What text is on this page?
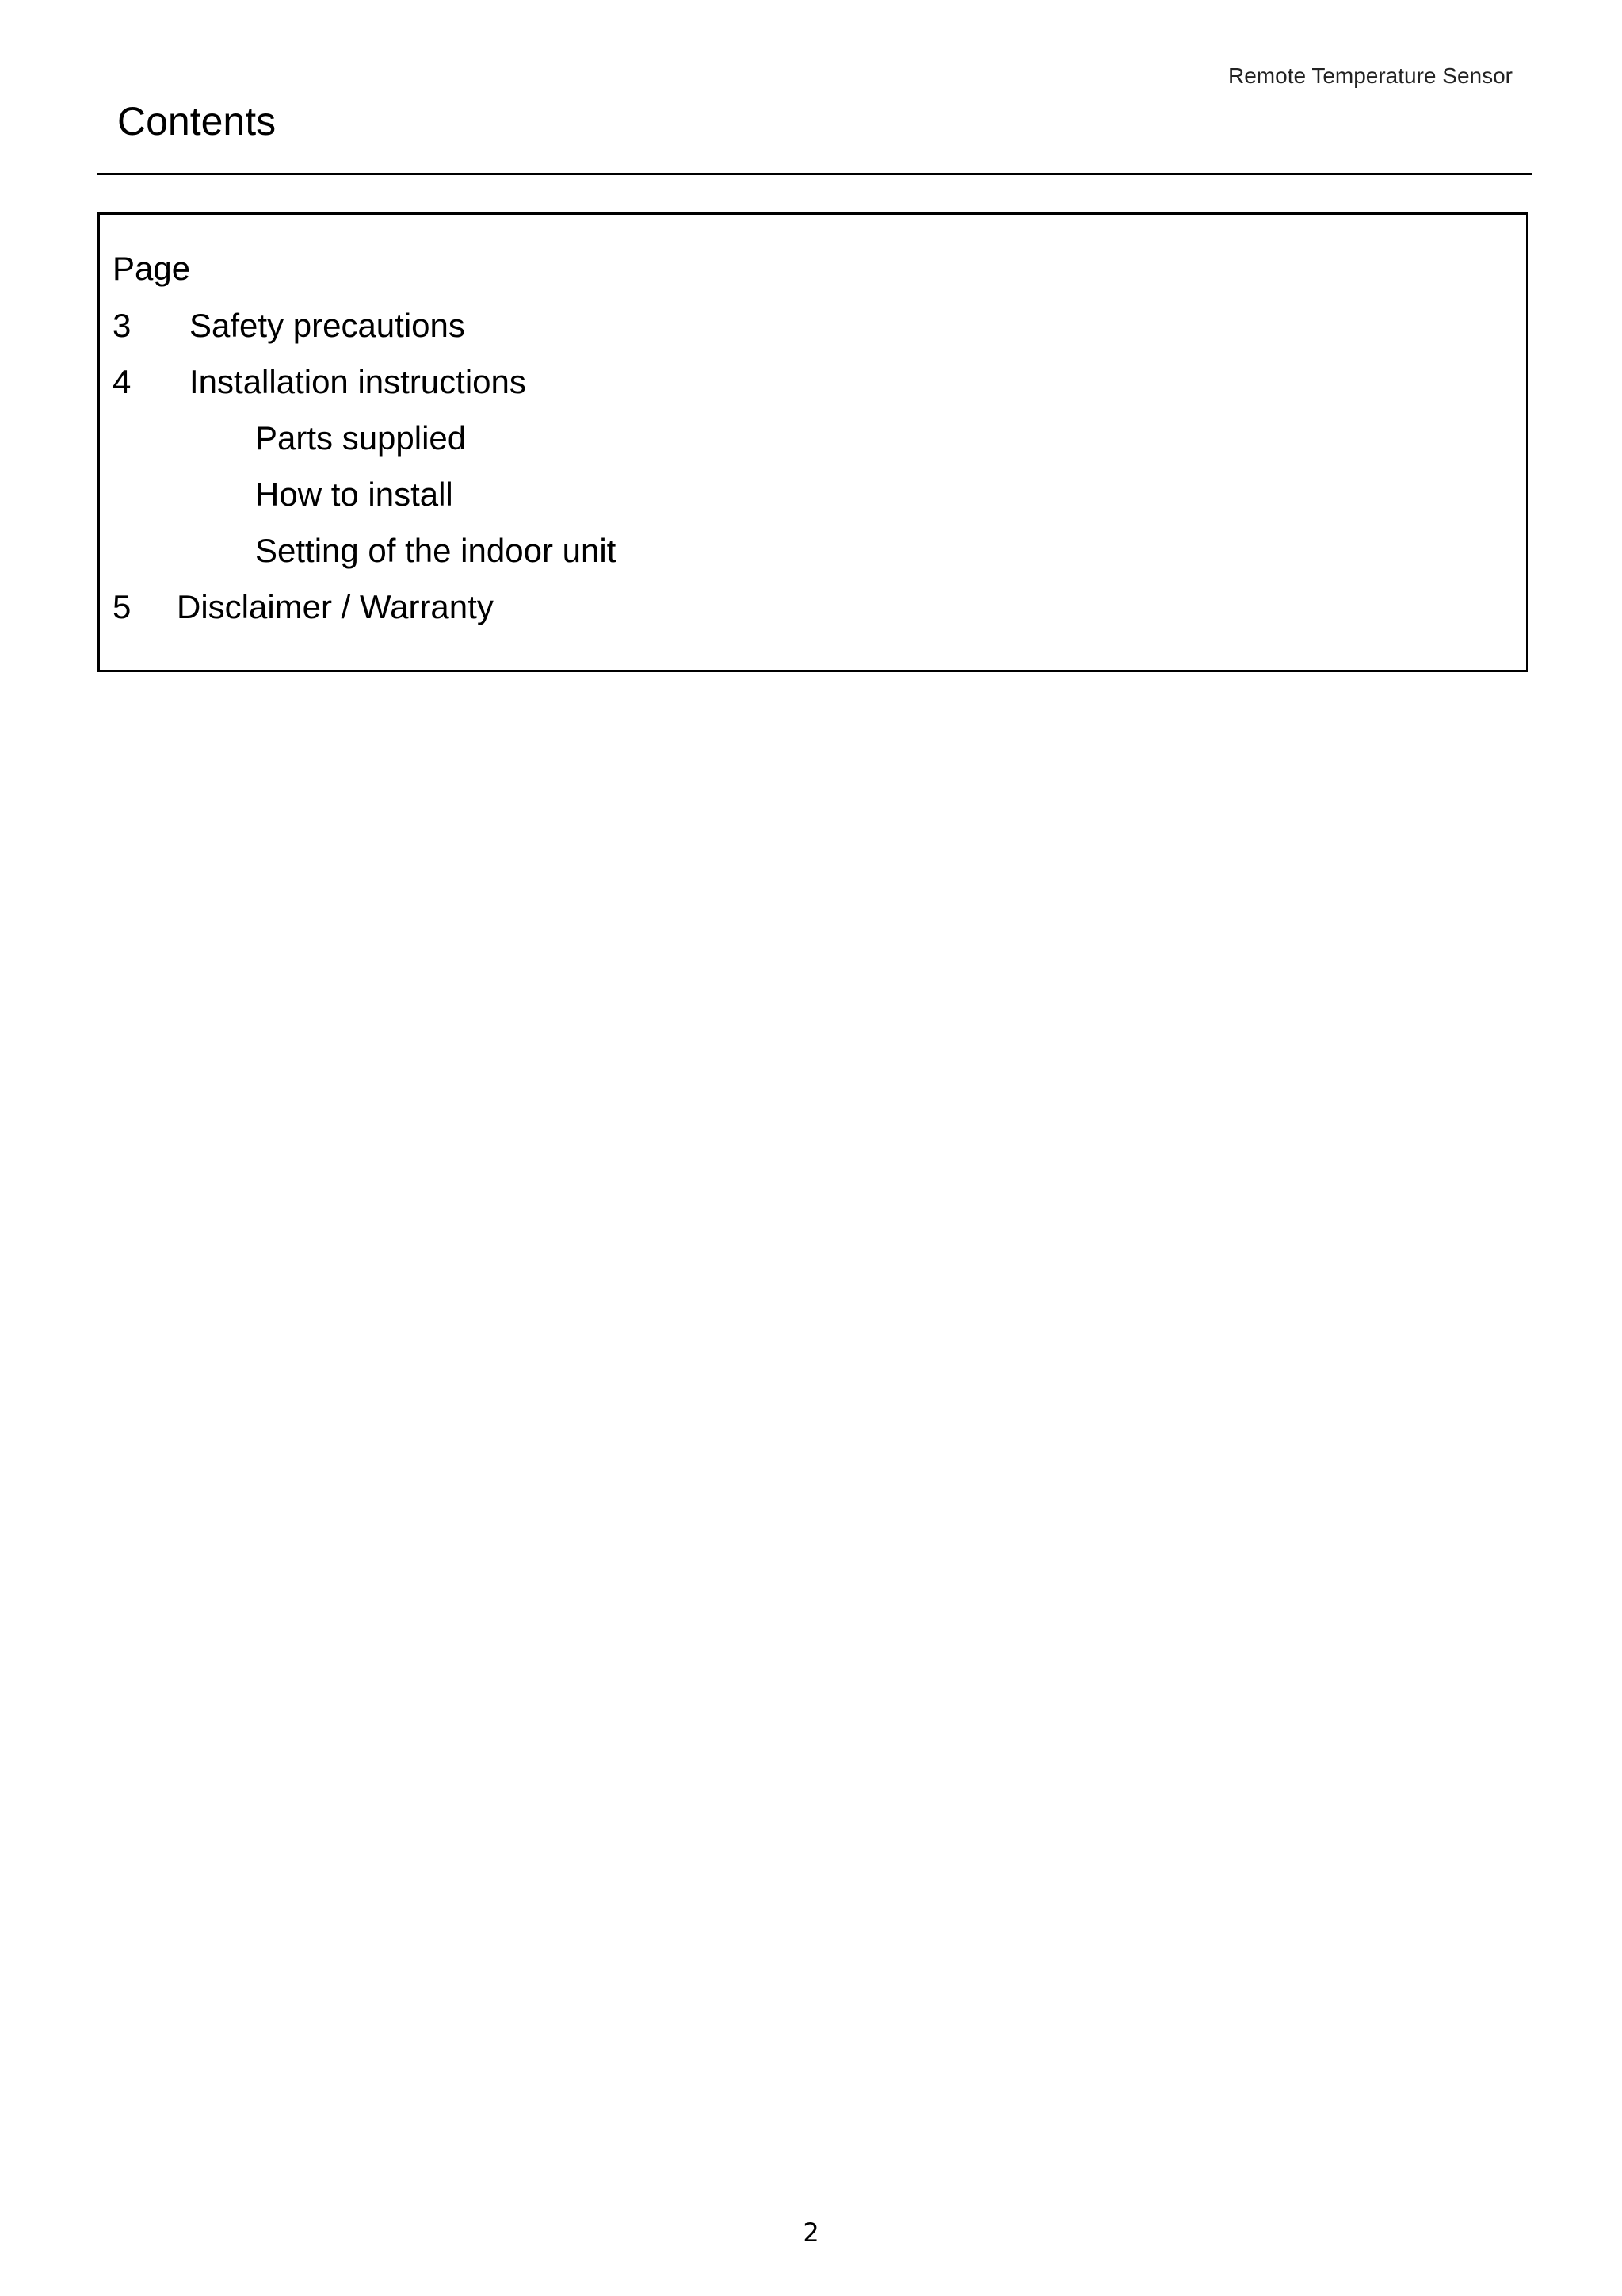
Remote Temperature Sensor
Contents
Page
3 Safety precautions
4 Installation instructions
Parts supplied
How to install
Setting of the indoor unit
5 Disclaimer / Warranty
2
